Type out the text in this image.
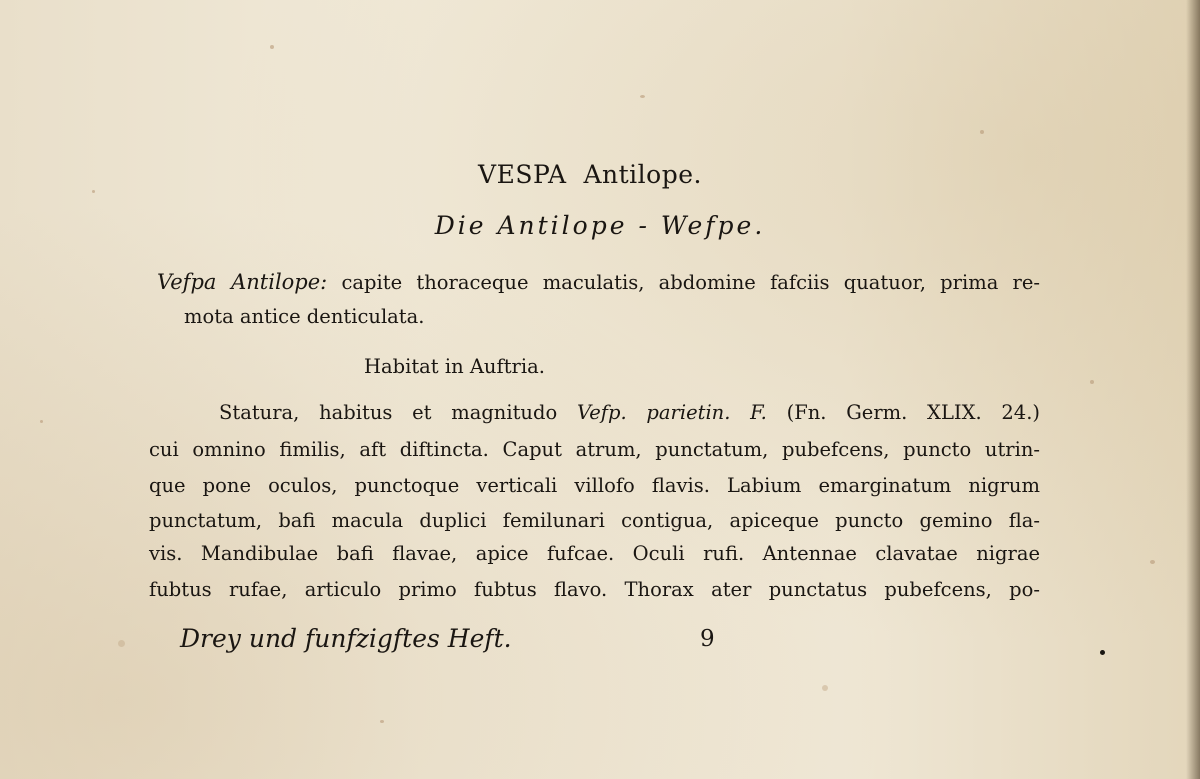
VESPA  Antilope.
Die Antilope - Wefpe.
Vefpa Antilope: capite thoraceque maculatis, abdomine fafciis quatuor, prima re-
mota antice denticulata.
Habitat in Auftria.
Statura, habitus et magnitudo Vefp. parietin. F. (Fn. Germ. XLIX. 24.)
cui omnino fimilis, aft diftincta. Caput atrum, punctatum, pubefcens, puncto utrin-
que pone oculos, punctoque verticali villofo flavis. Labium emarginatum nigrum
punctatum, bafi macula duplici femilunari contigua, apiceque puncto gemino fla-
vis. Mandibulae bafi flavae, apice fufcae. Oculi rufi. Antennae clavatae nigrae
fubtus rufae, articulo primo fubtus flavo. Thorax ater punctatus pubefcens, po-
Drey und funfzigftes Heft.	9
